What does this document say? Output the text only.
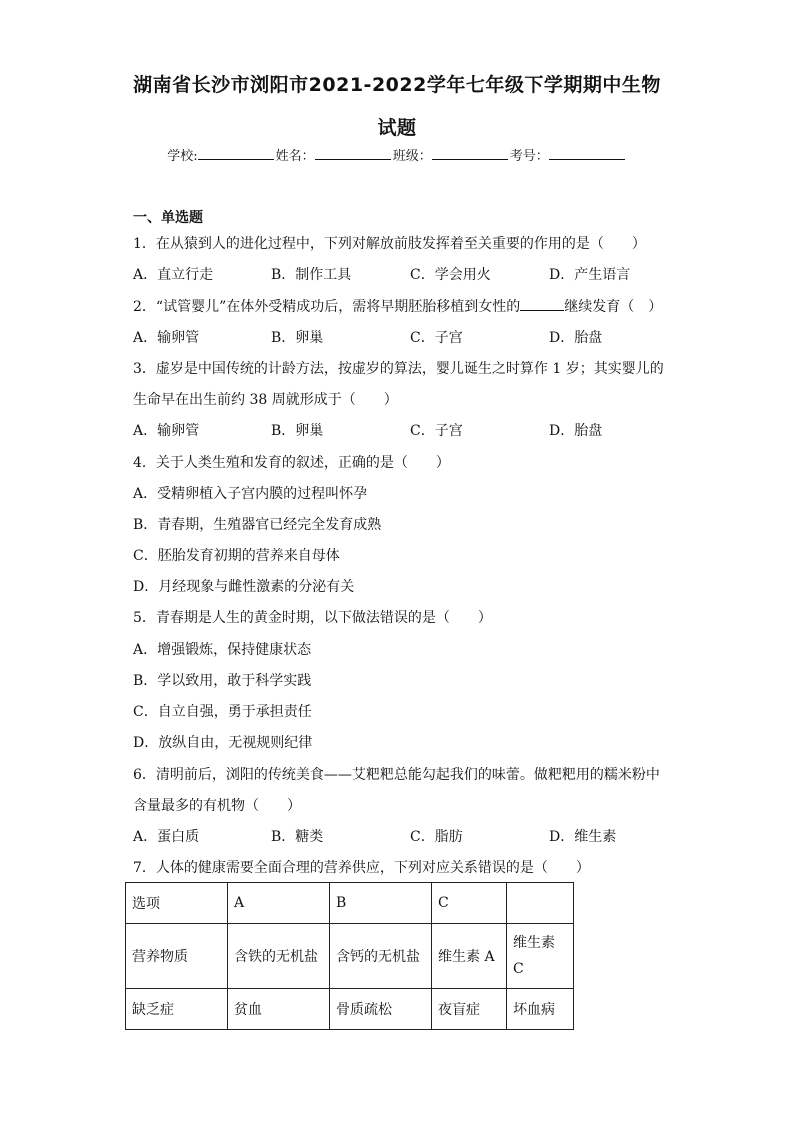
湖南省长沙市浏阳市2021-2022学年七年级下学期期中生物
试题
学校:	姓名：	班级：	考号：
一、单选题
1．在从猿到人的进化过程中，下列对解放前肢发挥着至关重要的作用的是（　　）
A．直立行走	B．制作工具	C．学会用火	D．产生语言
2．“试管婴儿”在体外受精成功后，需将早期胚胎移植到女性的	继续发育（　）
A．输卵管	B．卵巢	C．子宫	D．胎盘
3．虚岁是中国传统的计龄方法，按虚岁的算法，婴儿诞生之时算作 1 岁；其实婴儿的
生命早在出生前约 38 周就形成于（　　）
A．输卵管	B．卵巢	C．子宫	D．胎盘
4．关于人类生殖和发育的叙述，正确的是（　　）
A．受精卵植入子宫内膜的过程叫怀孕
B．青春期，生殖器官已经完全发育成熟
C．胚胎发育初期的营养来自母体
D．月经现象与雌性激素的分泌有关
5．青春期是人生的黄金时期，以下做法错误的是（　　）
A．增强锻炼，保持健康状态
B．学以致用，敢于科学实践
C．自立自强，勇于承担责任
D．放纵自由，无视规则纪律
6．清明前后，浏阳的传统美食——艾粑粑总能勾起我们的味蕾。做粑粑用的糯米粉中
含量最多的有机物（　　）
A．蛋白质	B．糖类	C．脂肪	D．维生素
7．人体的健康需要全面合理的营养供应，下列对应关系错误的是（　　）
选项	A	B	C	
营养物质	含铁的无机盐	含钙的无机盐	维生素 A	维生素 C
缺乏症	贫血	骨质疏松	夜盲症	坏血病
